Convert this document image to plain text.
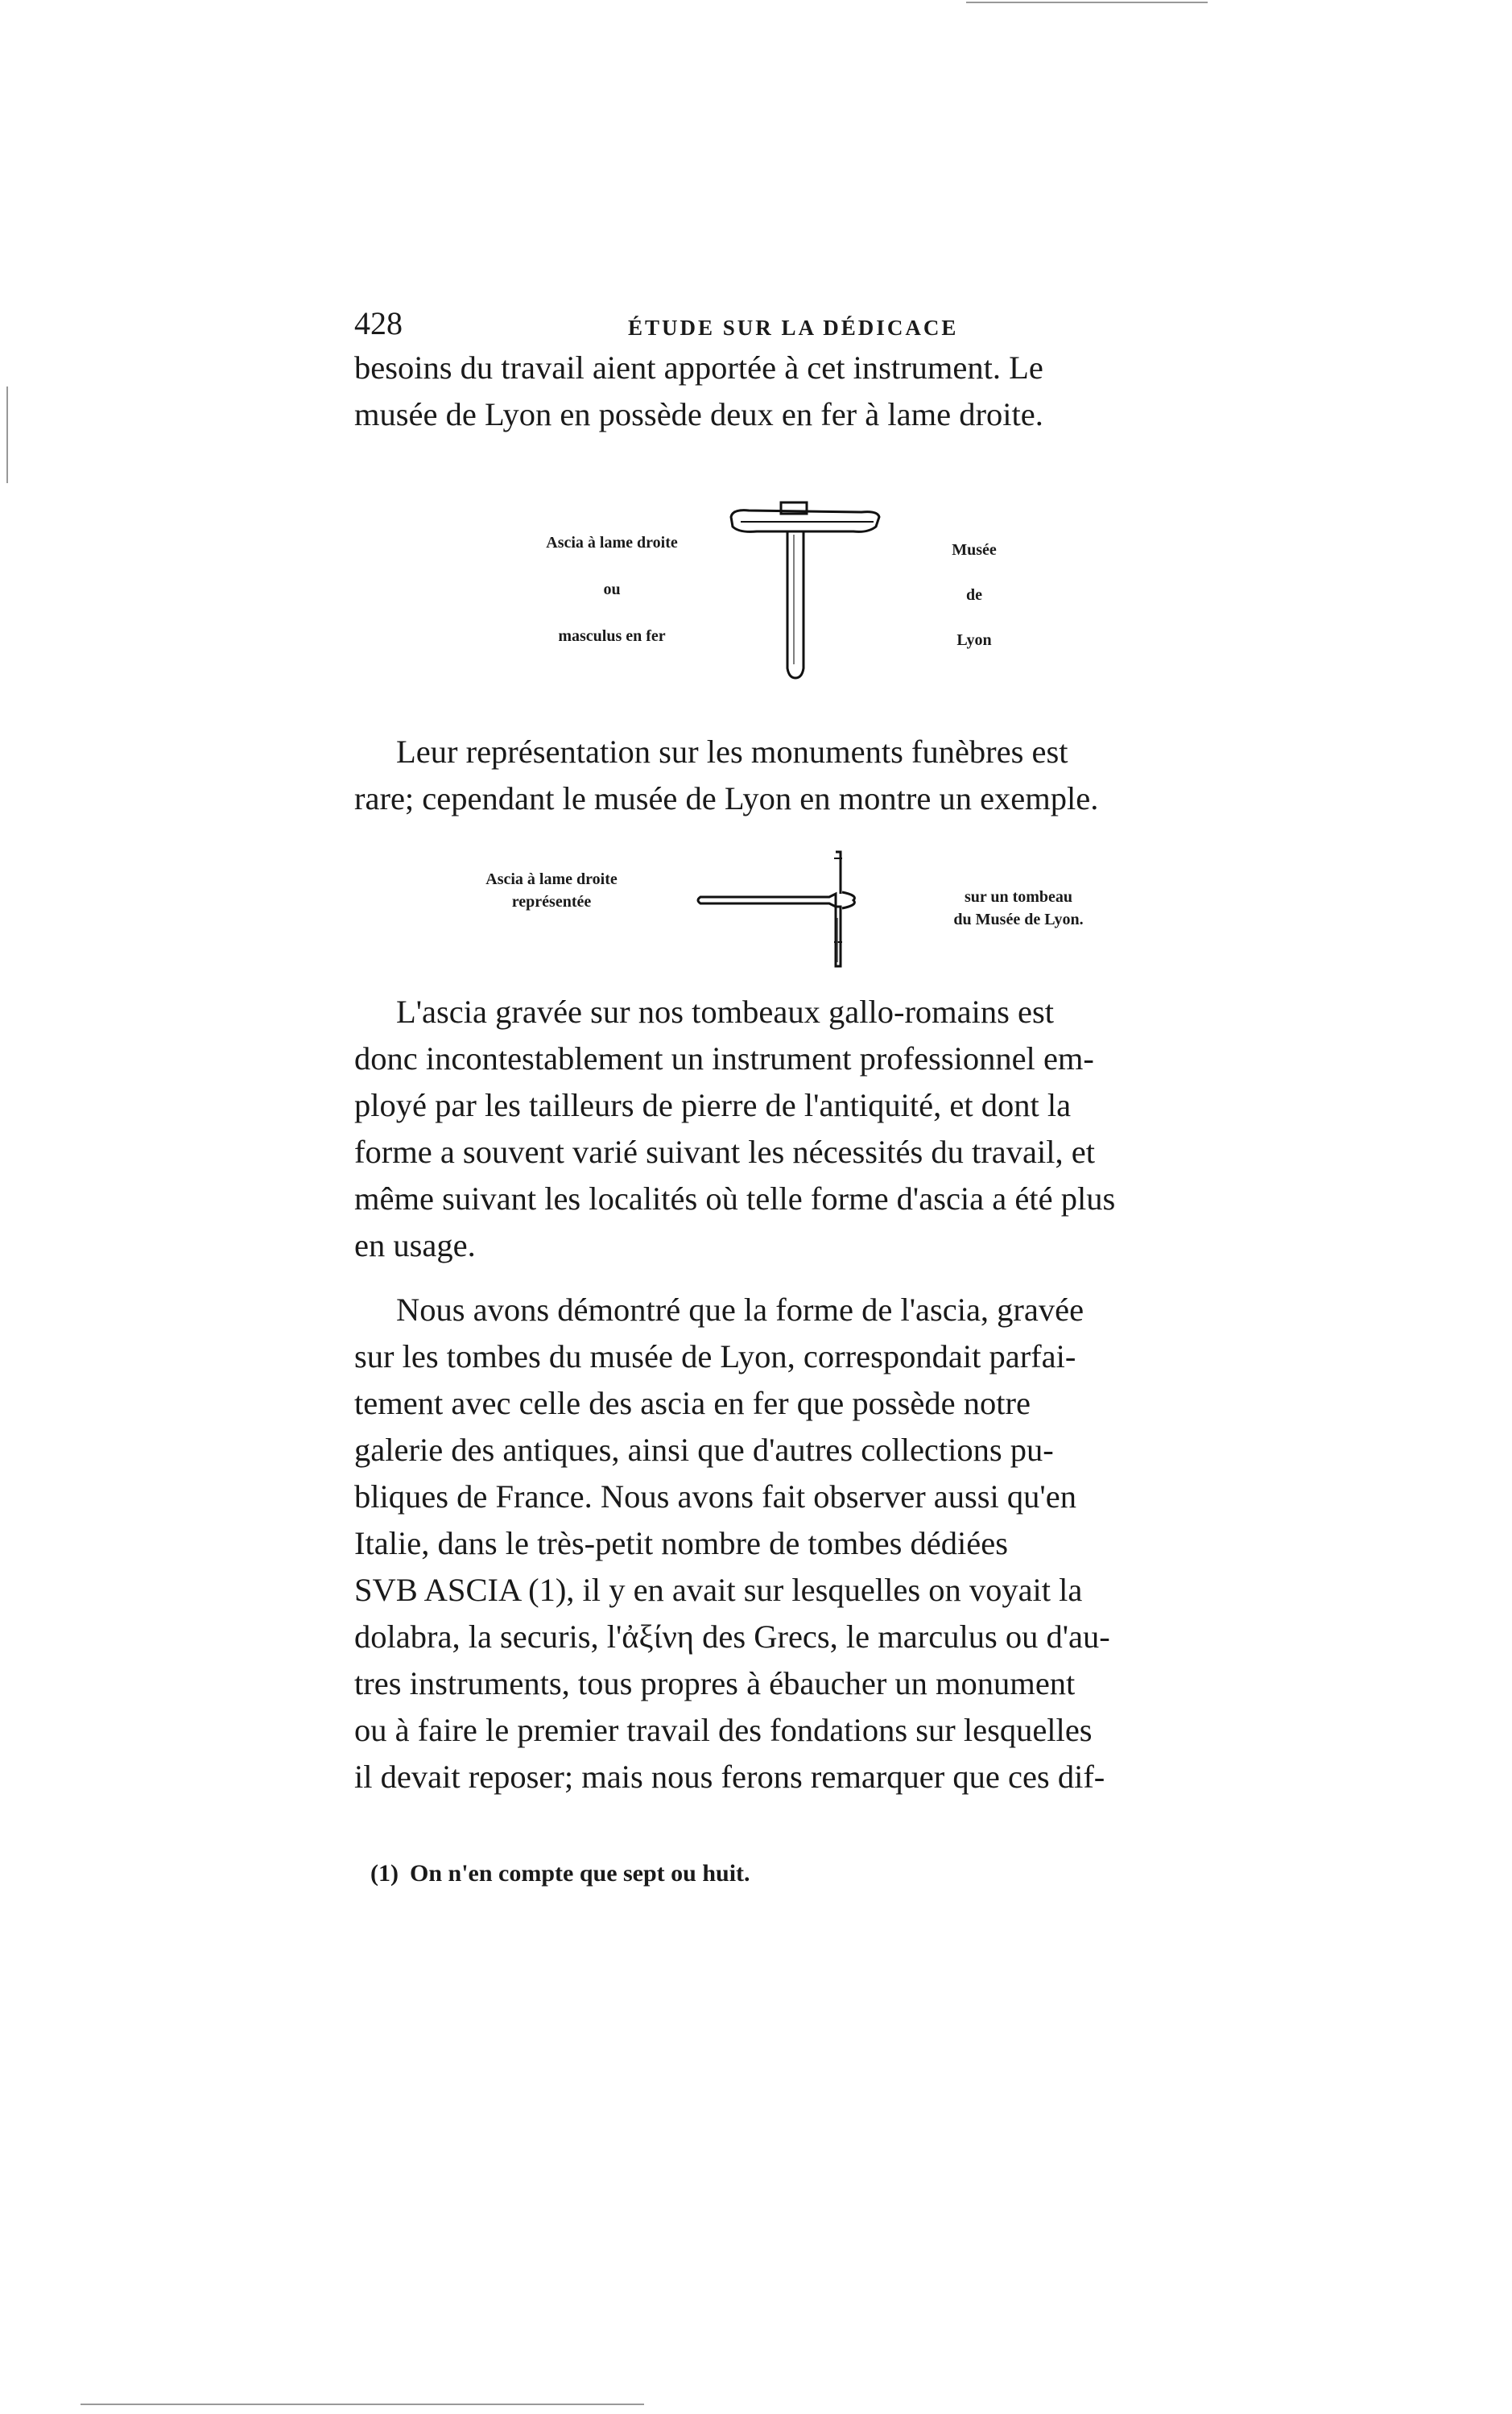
428	ÉTUDE SUR LA DÉDICACE
besoins du travail aient apportée à cet instrument. Le
musée de Lyon en possède deux en fer à lame droite.
Ascia à lame droite
ou
masculus en fer
Musée
de
Lyon
Leur représentation sur les monuments funèbres est
rare; cependant le musée de Lyon en montre un exemple.
Ascia à lame droite
représentée	sur un tombeau
du Musée de Lyon.
L'ascia gravée sur nos tombeaux gallo-romains est
donc incontestablement un instrument professionnel em-
ployé par les tailleurs de pierre de l'antiquité, et dont la
forme a souvent varié suivant les nécessités du travail, et
même suivant les localités où telle forme d'ascia a été plus
en usage.
Nous avons démontré que la forme de l'ascia, gravée
sur les tombes du musée de Lyon, correspondait parfai-
tement avec celle des ascia en fer que possède notre
galerie des antiques, ainsi que d'autres collections pu-
bliques de France. Nous avons fait observer aussi qu'en
Italie, dans le très-petit nombre de tombes dédiées
SVB ASCIA (1), il y en avait sur lesquelles on voyait la
dolabra, la securis, l'ἀξίνη des Grecs, le marculus ou d'au-
tres instruments, tous propres à ébaucher un monument
ou à faire le premier travail des fondations sur lesquelles
il devait reposer; mais nous ferons remarquer que ces dif-
(1) On n'en compte que sept ou huit.
